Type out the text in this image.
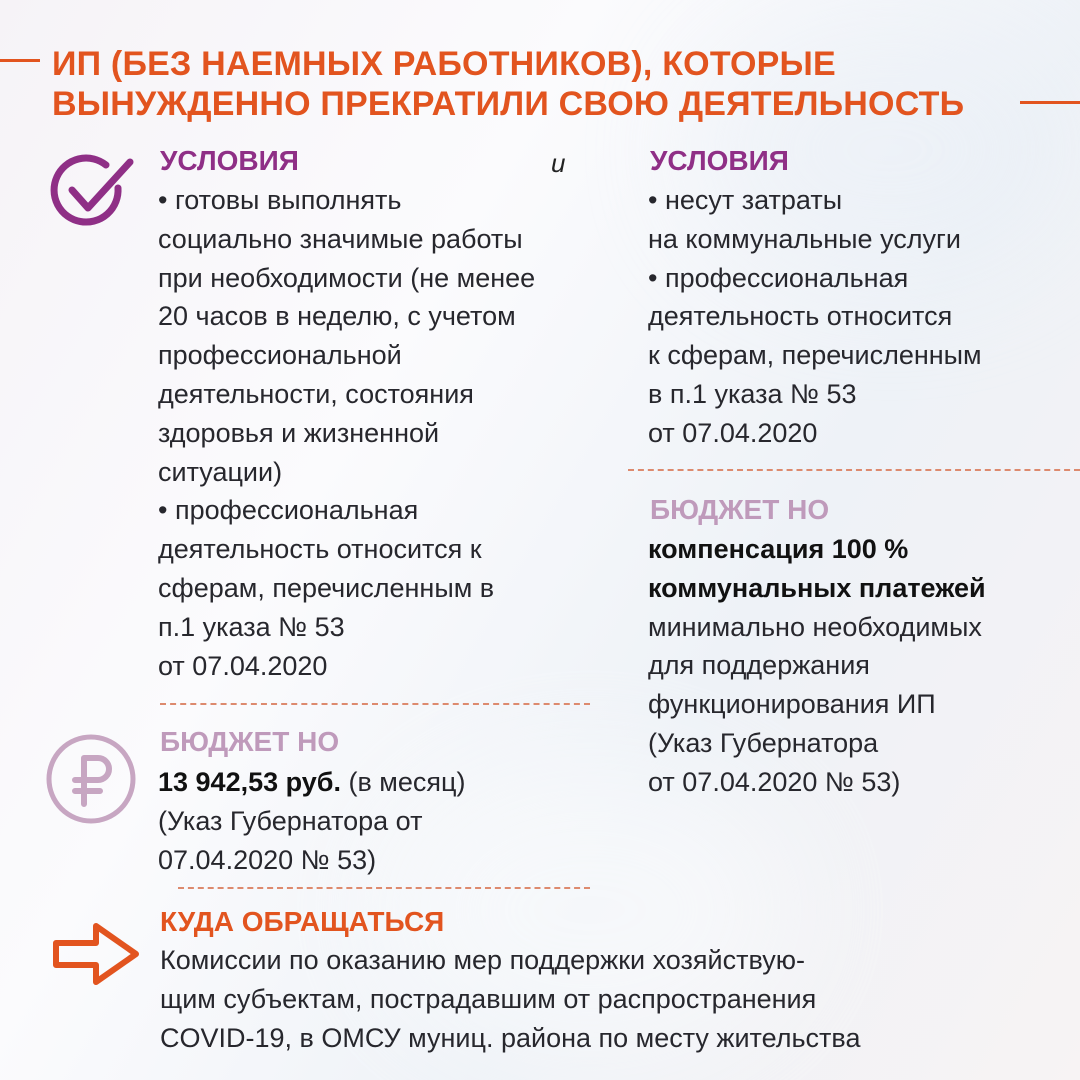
ИП (БЕЗ НАЕМНЫХ РАБОТНИКОВ), КОТОРЫЕ
ВЫНУЖДЕННО ПРЕКРАТИЛИ СВОЮ ДЕЯТЕЛЬНОСТЬ
УСЛОВИЯ	и

• готовы выполнять

социально значимые работы

при необходимости (не менее

20 часов в неделю, с учетом

профессиональной

деятельности, состояния

здоровья и жизненной

ситуации)

• профессиональная

деятельность относится к

сферам, перечисленным в

п.1 указа № 53

от 07.04.2020

БЮДЖЕТ НО

13 942,53 руб. (в месяц)

(Указ Губернатора от

07.04.2020 № 53)

УСЛОВИЯ

• несут затраты

на коммунальные услуги

• профессиональная

деятельность относится

к сферам, перечисленным

в п.1 указа № 53

от 07.04.2020

БЮДЖЕТ НО

компенсация 100 %

коммунальных платежей

минимально необходимых

для поддержания

функционирования ИП

(Указ Губернатора

от 07.04.2020 № 53)

КУДА ОБРАЩАТЬСЯ

Комиссии по оказанию мер поддержки хозяйствую-

щим субъектам, пострадавшим от распространения

COVID-19, в ОМСУ муниц. района по месту жительства
